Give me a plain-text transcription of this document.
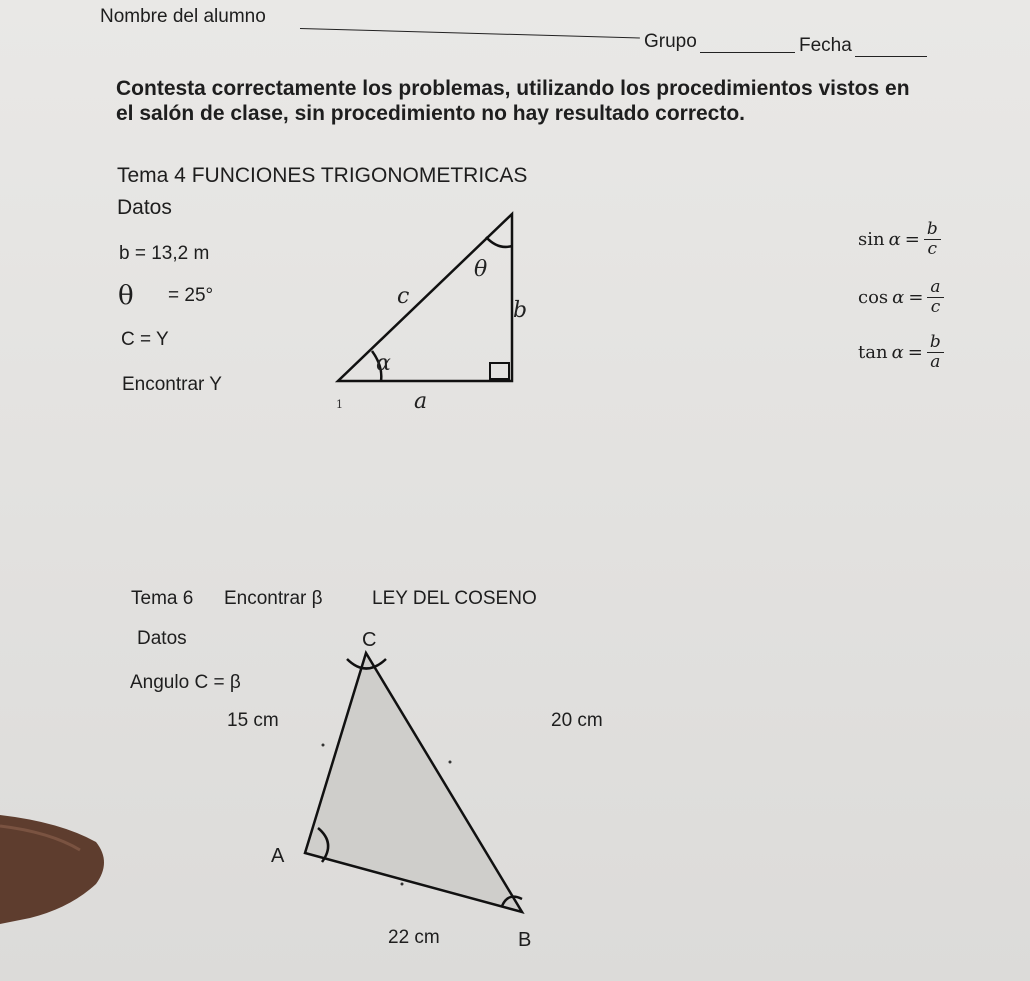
Nombre del alumno
Grupo	Fecha
Contesta correctamente los problemas, utilizando los procedimientos vistos en el salón de clase, sin procedimiento no hay resultado correcto.
Tema 4 FUNCIONES TRIGONOMETRICAS
Datos
b = 13,2 m
θ = 25°
C = Y
Encontrar Y
θ
c
b
α
a
1
$\sin \alpha = \frac{b}{c}$
$\cos \alpha = \frac{a}{c}$
$\tan \alpha = \frac{b}{a}$
Tema 6 Encontrar β	LEY DEL COSENO
Datos
Angulo C = β
15 cm	20 cm
22 cm
C
A
B
